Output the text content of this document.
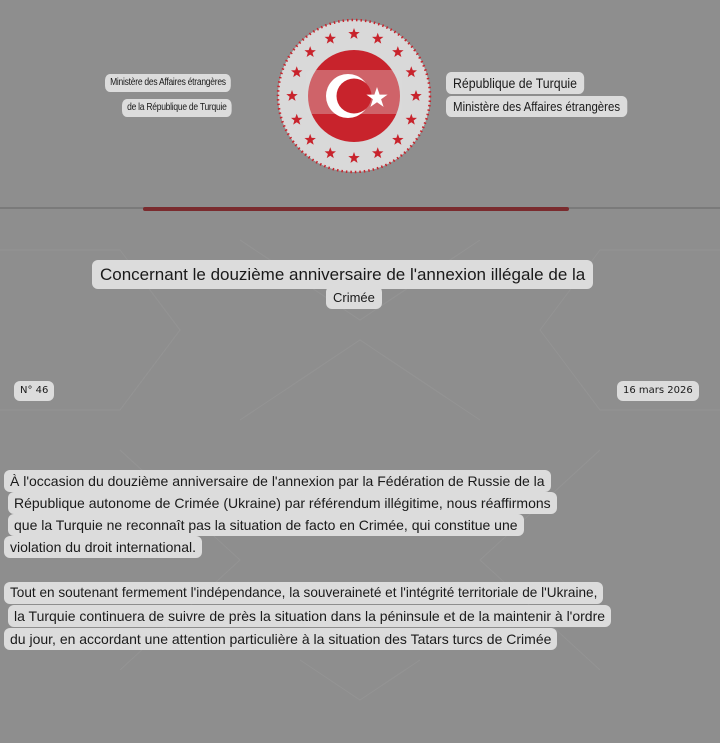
Ministère des Affaires étrangères
de la République de Turquie
République de Turquie
Ministère des Affaires étrangères
Concernant le douzième anniversaire de l'annexion illégale de la
Crimée
N° 46	16 mars 2026
À l'occasion du douzième anniversaire de l'annexion par la Fédération de Russie de la
République autonome de Crimée (Ukraine) par référendum illégitime, nous réaffirmons
que la Turquie ne reconnaît pas la situation de facto en Crimée, qui constitue une
violation du droit international.
Tout en soutenant fermement l'indépendance, la souveraineté et l'intégrité territoriale de l'Ukraine,
la Turquie continuera de suivre de près la situation dans la péninsule et de la maintenir à l'ordre
du jour, en accordant une attention particulière à la situation des Tatars turcs de Crimée
